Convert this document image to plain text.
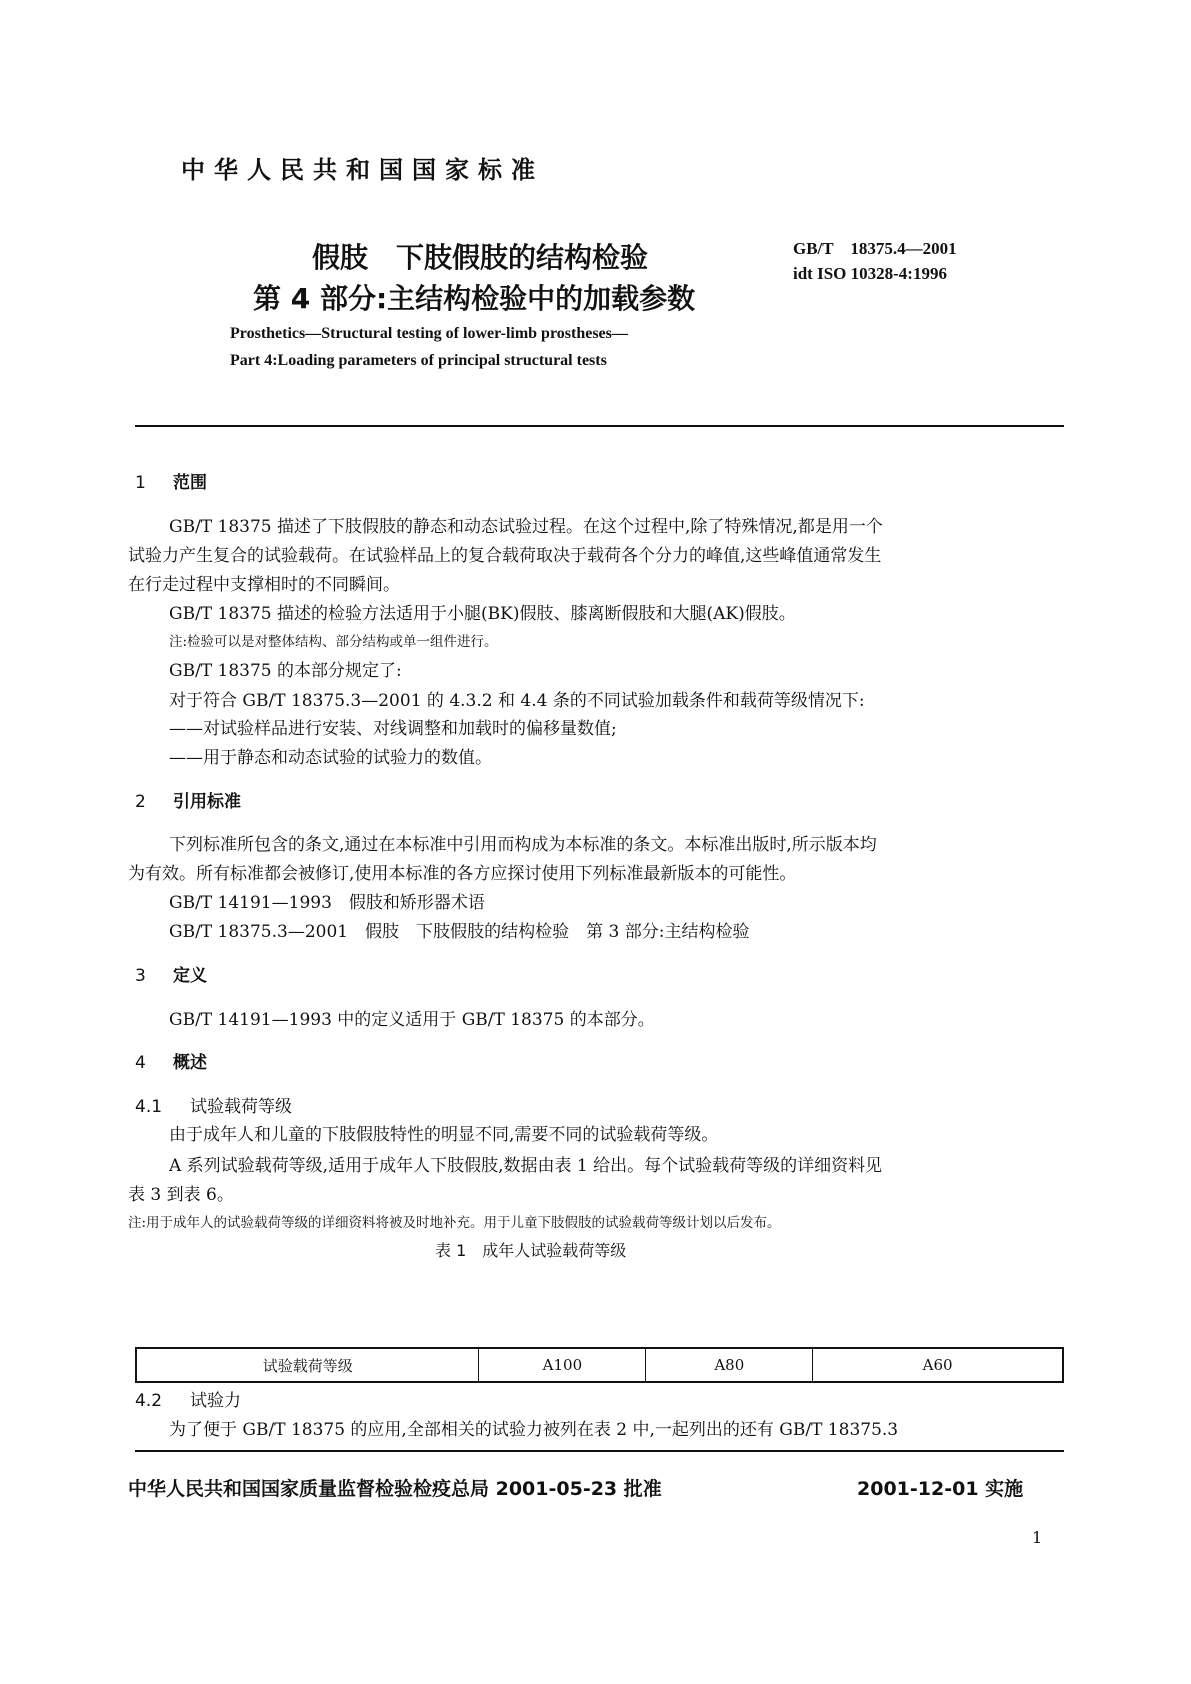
中华人民共和国国家标准
假肢　下肢假肢的结构检验
第 4 部分:主结构检验中的加载参数
GB/T　18375.4—2001
idt ISO 10328-4:1996
Prosthetics—Structural testing of lower-limb prostheses—
Part 4:Loading parameters of principal structural tests
1 范围
GB/T 18375 描述了下肢假肢的静态和动态试验过程。在这个过程中,除了特殊情况,都是用一个
试验力产生复合的试验载荷。在试验样品上的复合载荷取决于载荷各个分力的峰值,这些峰值通常发生
在行走过程中支撑相时的不同瞬间。
GB/T 18375 描述的检验方法适用于小腿(BK)假肢、膝离断假肢和大腿(AK)假肢。
注:检验可以是对整体结构、部分结构或单一组件进行。
GB/T 18375 的本部分规定了:
对于符合 GB/T 18375.3—2001 的 4.3.2 和 4.4 条的不同试验加载条件和载荷等级情况下:
——对试验样品进行安装、对线调整和加载时的偏移量数值;
——用于静态和动态试验的试验力的数值。
2 引用标准
下列标准所包含的条文,通过在本标准中引用而构成为本标准的条文。本标准出版时,所示版本均
为有效。所有标准都会被修订,使用本标准的各方应探讨使用下列标准最新版本的可能性。
GB/T 14191—1993　假肢和矫形器术语
GB/T 18375.3—2001　假肢　下肢假肢的结构检验　第 3 部分:主结构检验
3 定义
GB/T 14191—1993 中的定义适用于 GB/T 18375 的本部分。
4 概述
4.1 试验载荷等级
由于成年人和儿童的下肢假肢特性的明显不同,需要不同的试验载荷等级。
A 系列试验载荷等级,适用于成年人下肢假肢,数据由表 1 给出。每个试验载荷等级的详细资料见
表 3 到表 6。
注:用于成年人的试验载荷等级的详细资料将被及时地补充。用于儿童下肢假肢的试验载荷等级计划以后发布。
表 1　成年人试验载荷等级
试验载荷等级	A100	A80	A60
4.2 试验力
为了便于 GB/T 18375 的应用,全部相关的试验力被列在表 2 中,一起列出的还有 GB/T 18375.3
中华人民共和国国家质量监督检验检疫总局 2001-05-23 批准	2001-12-01 实施
1
